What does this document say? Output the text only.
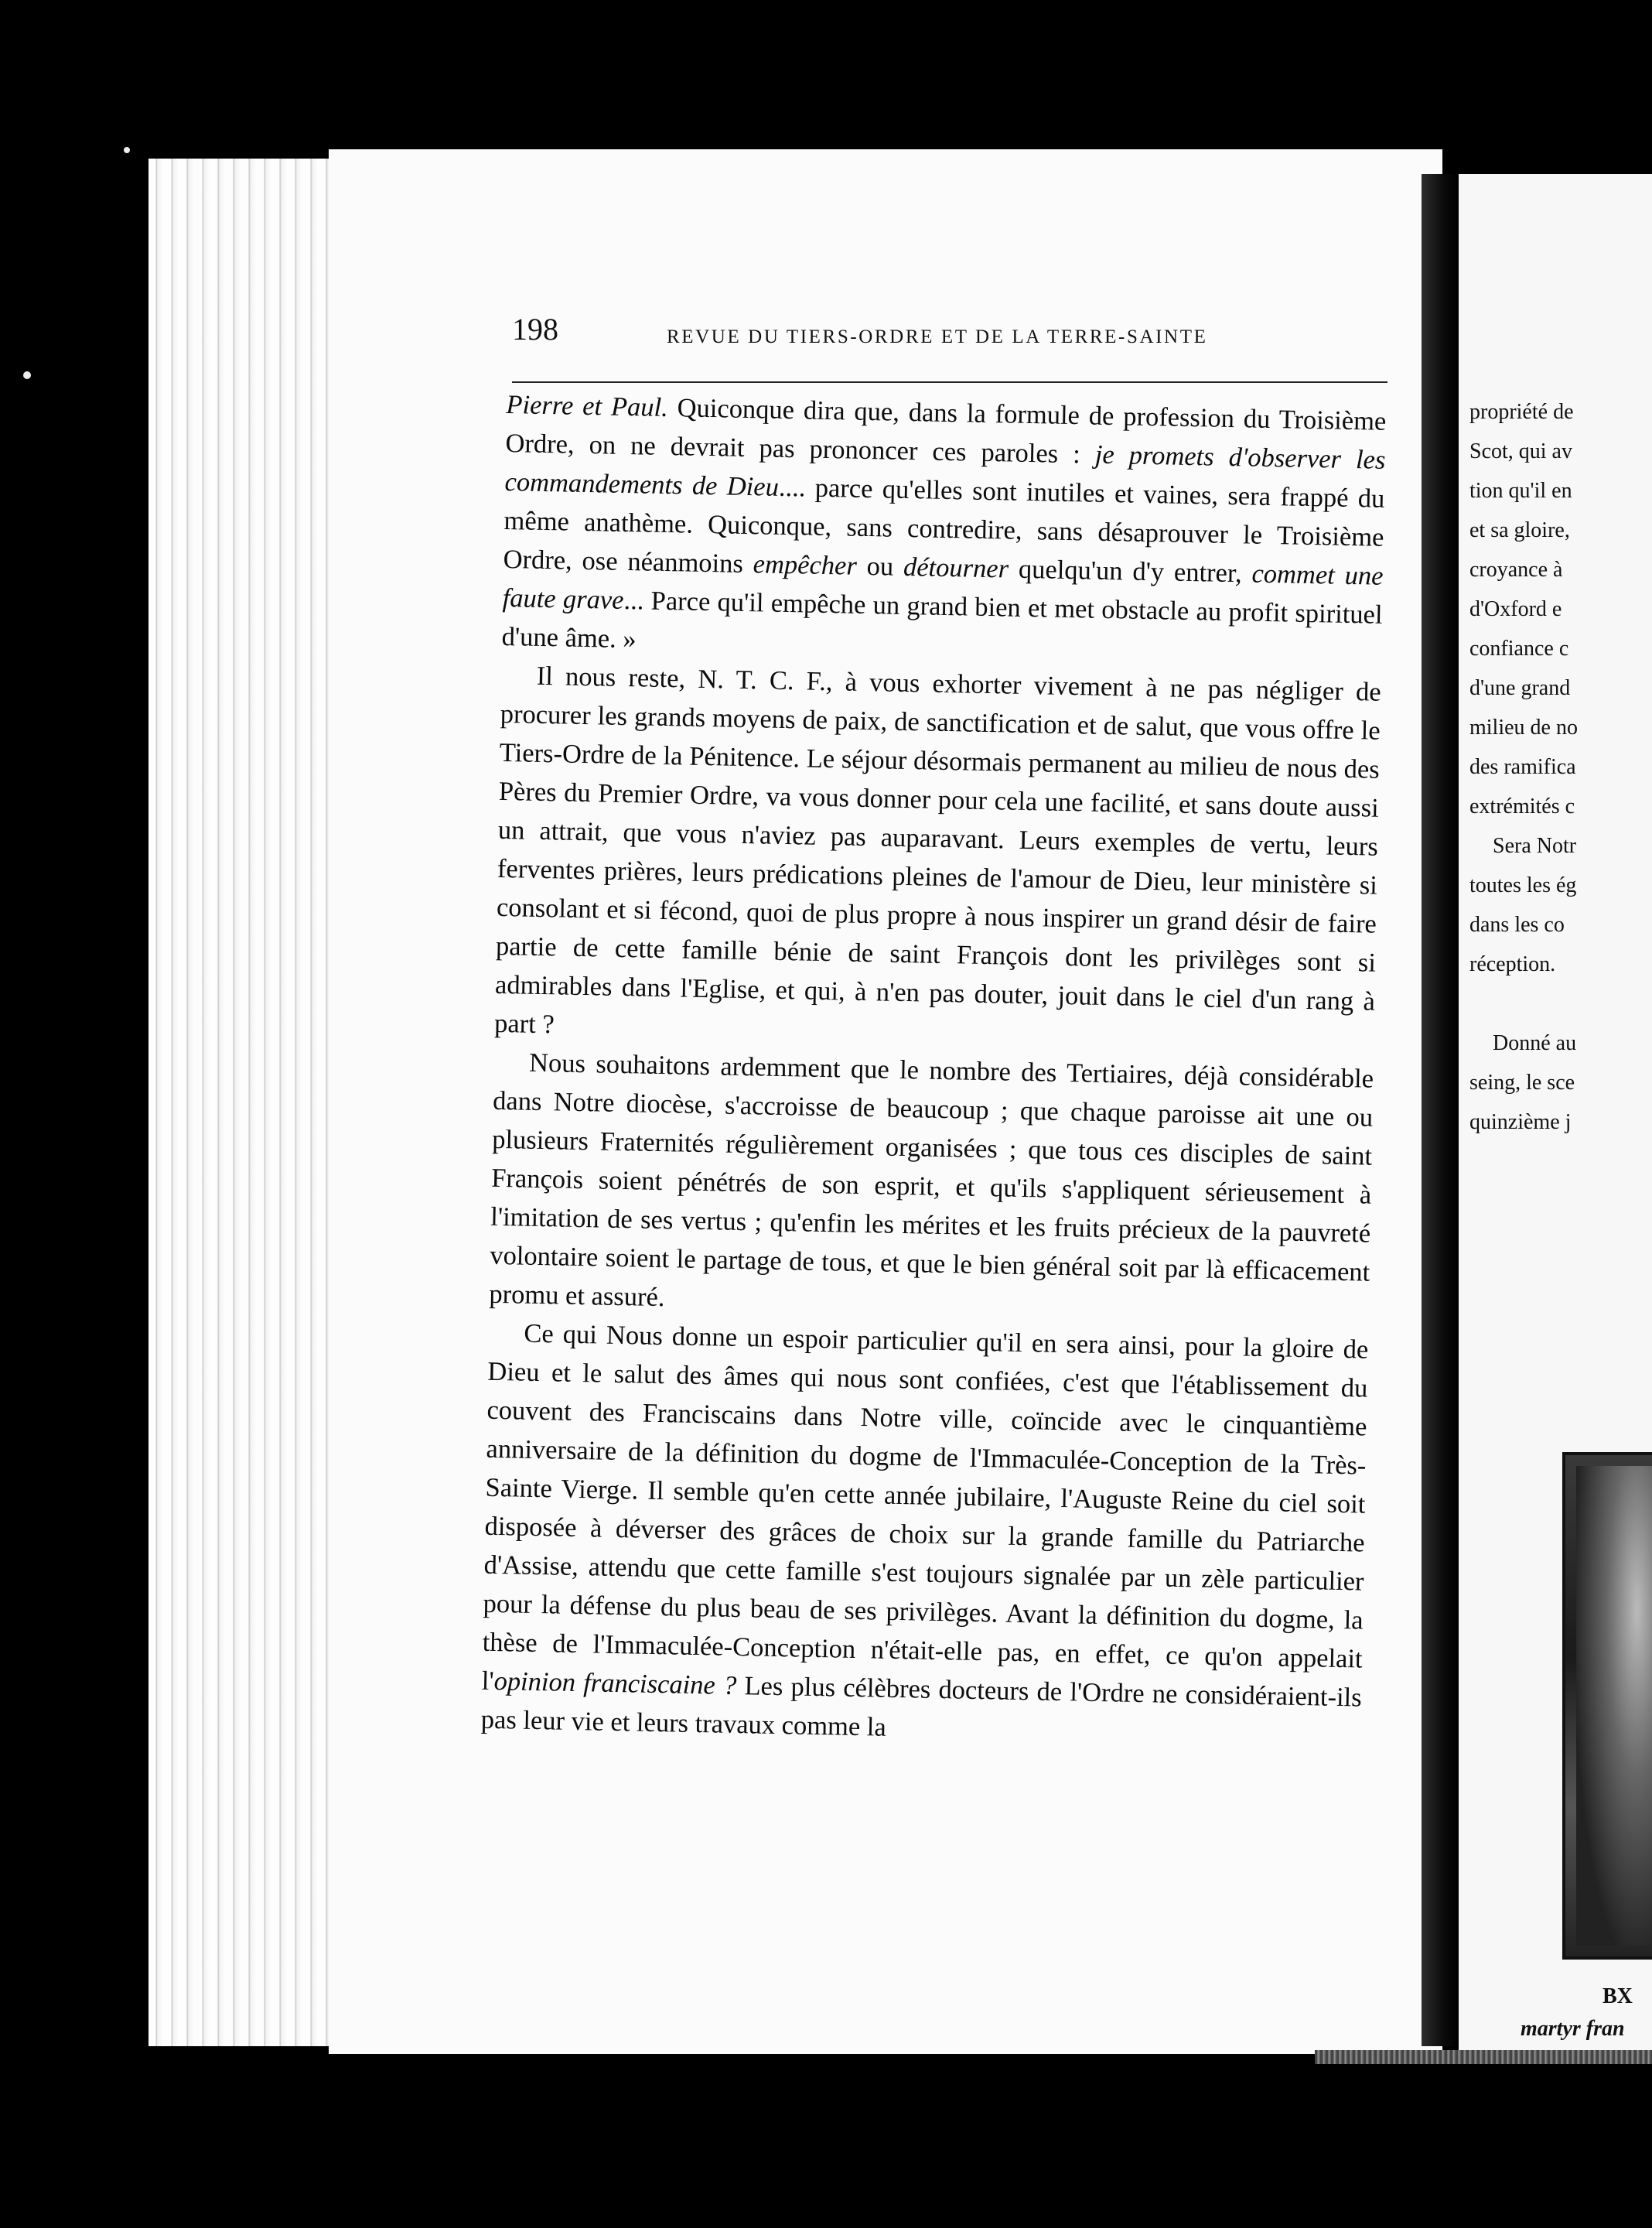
propriété de
Scot, qui av
tion qu'il en
et sa gloire,
croyance à
d'Oxford e
confiance c
d'une grand
milieu de no
des ramifica
extrémités c
Sera Notr
toutes les ég
dans les co
réception.
Donné au
seing, le sce
quinzième j
BX
martyr fran
198	REVUE DU TIERS-ORDRE ET DE LA TERRE-SAINTE

Pierre et Paul. Quiconque dira que, dans la formule de profession du Troisième Ordre, on ne devrait pas prononcer ces paroles : je promets d'observer les commandements de Dieu.... parce qu'elles sont inutiles et vaines, sera frappé du même anathème. Quiconque, sans contredire, sans désaprouver le Troisième Ordre, ose néanmoins empêcher ou détourner quelqu'un d'y entrer, commet une faute grave... Parce qu'il empêche un grand bien et met obstacle au profit spirituel d'une âme. »

Il nous reste, N. T. C. F., à vous exhorter vivement à ne pas négliger de procurer les grands moyens de paix, de sanctification et de salut, que vous offre le Tiers-Ordre de la Pénitence. Le séjour désormais permanent au milieu de nous des Pères du Premier Ordre, va vous donner pour cela une facilité, et sans doute aussi un attrait, que vous n'aviez pas auparavant. Leurs exemples de vertu, leurs ferventes prières, leurs prédications pleines de l'amour de Dieu, leur ministère si consolant et si fécond, quoi de plus propre à nous inspirer un grand désir de faire partie de cette famille bénie de saint François dont les privilèges sont si admirables dans l'Eglise, et qui, à n'en pas douter, jouit dans le ciel d'un rang à part ?

Nous souhaitons ardemment que le nombre des Tertiaires, déjà considérable dans Notre diocèse, s'accroisse de beaucoup ; que chaque paroisse ait une ou plusieurs Fraternités régulièrement organisées ; que tous ces disciples de saint François soient pénétrés de son esprit, et qu'ils s'appliquent sérieusement à l'imitation de ses vertus ; qu'enfin les mérites et les fruits précieux de la pauvreté volontaire soient le partage de tous, et que le bien général soit par là efficacement promu et assuré.

Ce qui Nous donne un espoir particulier qu'il en sera ainsi, pour la gloire de Dieu et le salut des âmes qui nous sont confiées, c'est que l'établissement du couvent des Franciscains dans Notre ville, coïncide avec le cinquantième anniversaire de la définition du dogme de l'Immaculée-Conception de la Très-Sainte Vierge. Il semble qu'en cette année jubilaire, l'Auguste Reine du ciel soit disposée à déverser des grâces de choix sur la grande famille du Patriarche d'Assise, attendu que cette famille s'est toujours signalée par un zèle particulier pour la défense du plus beau de ses privilèges. Avant la définition du dogme, la thèse de l'Immaculée-Conception n'était-elle pas, en effet, ce qu'on appelait l'opinion franciscaine ? Les plus célèbres docteurs de l'Ordre ne considéraient-ils pas leur vie et leurs travaux comme la
